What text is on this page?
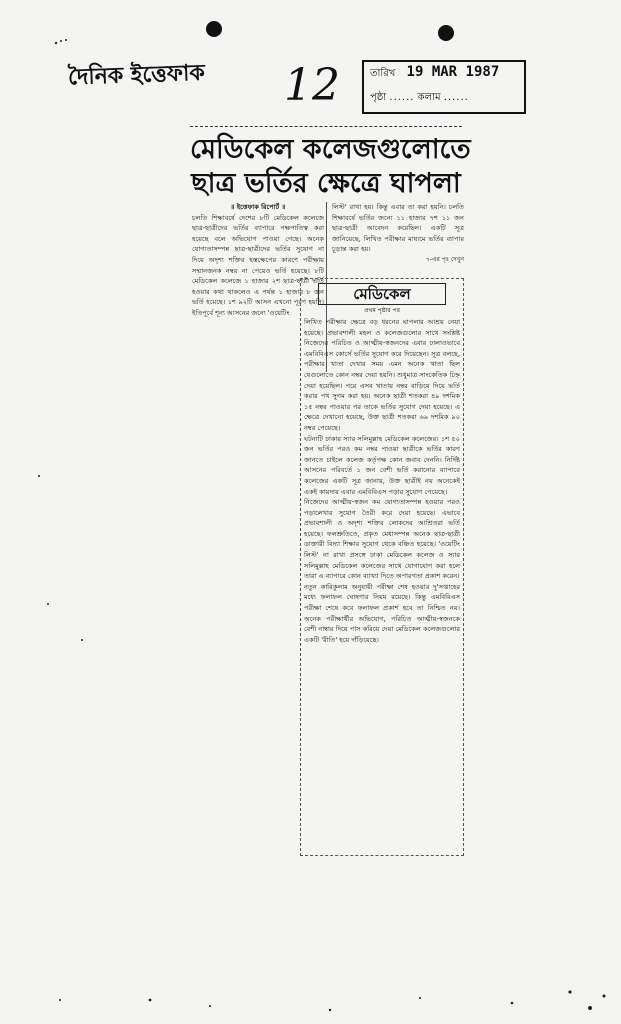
দৈনিক ইত্তেফাক 12	তারিখ 19 MAR 1987
পৃষ্ঠা ...... কলাম ......
মেডিকেল কলেজগুলোতে
ছাত্র ভর্তির ক্ষেত্রে ঘাপলা

॥ ইত্তেফাক রিপোর্ট ॥

চলতি শিক্ষাবর্ষে দেশের ৮টি মেডিকেল কলেজে ছাত্র-ছাত্রীদের ভর্তির ব্যাপারে পক্ষপাতিত্ব করা হয়েছে বলে অভিযোগ পাওয়া গেছে। অনেক যোগ্যতাসম্পন্ন ছাত্র-ছাত্রীদের ভর্তির সুযোগ না দিয়ে অদৃশ্য শক্তির হস্তক্ষেপের কারণে পরীক্ষায় সম্মানজনক নম্বর না পেয়েও ভর্তি হয়েছে। ৮টি মেডিকেল কলেজে ১ হাজার ২শ ছাত্র-ছাত্রী ভর্তি হওয়ার কথা থাকলেও এ পর্যন্ত ১ হাজার ৮ জন ভর্তি হয়েছে। ১শ ৯২টি আসন এখনো পূরণ হয়নি। ইতিপূর্বে শূন্য আসনের জন্যে 'ওয়েটিং

লিস্ট' রাখা হয়। কিন্তু এবার তা করা হয়নি। চলতি শিক্ষাবর্ষে ভর্তির জন্যে ১১ হাজার ৭শ ১১ জন ছাত্র-ছাত্রী আবেদন করেছিল। একটি সূত্র জানিয়েছে, লিখিত পরীক্ষার মাধ্যমে ভর্তির ব্যাপার চূড়ান্ত করা হয়।

৭-এর পৃঃ দেখুন

মেডিকেল
প্রথম পৃষ্ঠার পর

লিখিত পরীক্ষার ক্ষেত্রে বড় ধরনের ঘাপলার আশ্রয় নেয়া হয়েছে। প্রভাবশালী মহল ও কলেজগুলোর সাথে সংশ্লিষ্ট নিজেদের পরিচিত ও আত্মীয়-স্বজনদের এবার ঢালাওভাবে এমবিবিএস কোর্সে ভর্তির সুযোগ করে দিয়েছেন। সূত্র বলছে, পরীক্ষার খাতা দেখার সময় এমন অনেক খাতা ছিল যেগুলোতে কোন নম্বর দেয়া হয়নি। শুধুমাত্র সাংকেতিক চিহ্ন দেয়া হয়েছিল। পরে এসব খাতায় নম্বর বাড়িয়ে দিয়ে ভর্তি করার পথ সুগম করা হয়। অনেক ছাত্রী শতকরা ৪৯ দশমিক ১৫ নম্বর পাওয়ার পর তাকে ভর্তির সুযোগ দেয়া হয়েছে। এ ক্ষেত্রে দেখানো হয়েছে, উক্ত ছাত্রী শতকরা ৬৯ দশমিক ৯০ নম্বর পেয়েছে।

ঘটনাটি ঢাকার স্যার সলিমুল্লাহ মেডিকেল কলেজের। ১শ ৫০ জন ভর্তির পরও কম নম্বর পাওয়া ছাত্রীকে ভর্তির কারণ জানতে চাইলে কলেজ কর্তৃপক্ষ কোন জবাব দেননি। নির্দিষ্ট আসনের পরিবর্তে ১ জন বেশী ভর্তি করানোর ব্যাপারে কলেজের একটি সূত্র জানায়, উক্ত ছাত্রীই নয় অনেকেই একই কায়দায় এবার এমবিবিএস পড়ার সুযোগ পেয়েছে।

নিজেদের আত্মীয়-স্বজন কম যোগ্যতাসম্পন্ন হওয়ার পরও পড়ালেখার সুযোগ তৈরী করে দেয়া হয়েছে। এভাবে প্রভাবশালী ও অদৃশ্য শক্তির লোকদের আশ্রিতরা ভর্তি হয়েছে। ফলশ্রুতিতে, প্রকৃত মেধাসম্পন্ন অনেক ছাত্র-ছাত্রী ডাক্তারী বিদ্যা শিক্ষার সুযোগ থেকে বঞ্চিত হয়েছে। 'ওয়েটিং লিস্ট' না রাখা প্রসঙ্গে ঢাকা মেডিকেল কলেজ ও স্যার সলিমুল্লাহ মেডিকেল কলেজের সাথে যোগাযোগ করা হলে তারা এ ব্যাপারে কোন ব্যাখ্যা দিতে অপারগতা প্রকাশ করেন।

নতুন কারিকুলাম অনুযায়ী পরীক্ষা শেষ হওয়ার দু'সপ্তাহের মধ্যে ফলাফল ঘোষণার নিয়ম রয়েছে। কিন্তু এমবিবিএস পরীক্ষা শেষে কবে ফলাফল প্রকাশ হবে তা নিশ্চিত নয়। অনেক পরীক্ষার্থীর অভিযোগ, পরিচিত আত্মীয়-স্বজনকে বেশী নাম্বার দিয়ে পাস করিয়ে দেয়া মেডিকেল কলেজগুলোর একটি 'রীতি' হয়ে দাঁড়িয়েছে।
